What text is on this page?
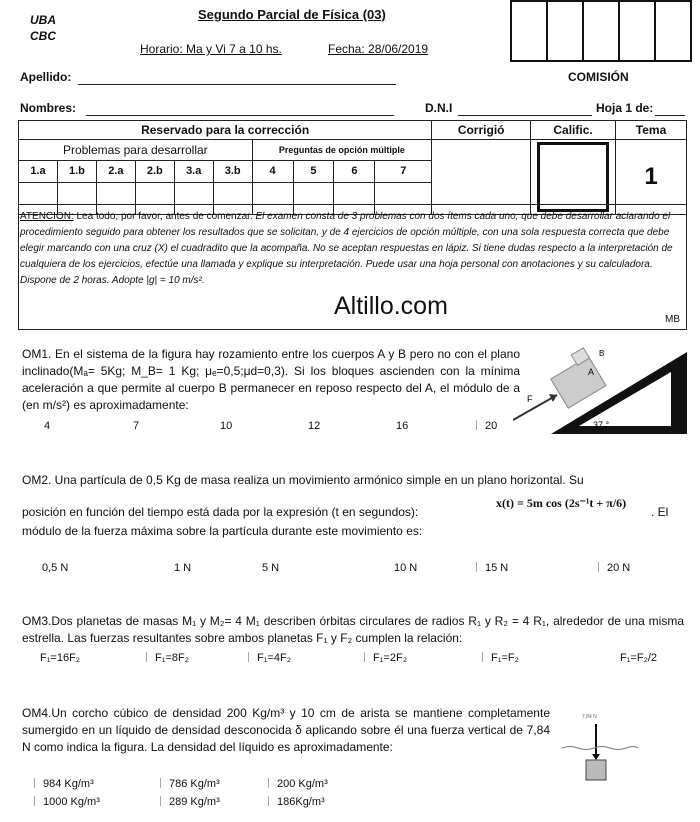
UBA
CBC
Segundo Parcial de Física (03)
Horario: Ma y Vi 7 a 10 hs.	Fecha: 28/06/2019
Apellido:	COMISIÓN
Nombres:	D.N.I	Hoja 1 de:
Reservado para la corrección										Corrigió	Calific.	Tema
Problemas para desarrollar						Preguntas de opción múltiple						1
1.a	1.b	2.a	2.b	3.a	3.b	4	5	6	7			

ATENCION: Lea todo, por favor, antes de comenzar. El examen consta de 3 problemas con dos ítems cada uno, que debe desarrollar aclarando el procedimiento seguido para obtener los resultados que se solicitan, y de 4 ejercicios de opción múltiple, con una sola respuesta correcta que debe elegir marcando con una cruz (X) el cuadradito que la acompaña. No se aceptan respuestas en lápiz. Si tiene dudas respecto a la interpretación de cualquiera de los ejercicios, efectúe una llamada y explique su interpretación. Puede usar una hoja personal con anotaciones y su calculadora. Dispone de 2 horas. Adopte |g| = 10 m/s².
Altillo.com	MB
OM1. En el sistema de la figura hay rozamiento entre los cuerpos A y B pero no con el plano inclinado(Mₐ= 5Kg; M_B= 1 Kg; μₑ=0,5;μd=0,3). Si los bloques ascienden con la mínima aceleración a que permite al cuerpo B permanecer en reposo respecto del A, el módulo de a (en m/s²) es aproximadamente:
4	7	10	12	16	20
F
A
B
37 °
OM2. Una partícula de 0,5 Kg de masa realiza un movimiento armónico simple en un plano horizontal. Su
posición en función del tiempo está dada por la expresión (t en segundos):
x(t) = 5m cos (2s⁻¹t + π/6)
. El
módulo de la fuerza máxima sobre la partícula durante este movimiento es:
0,5 N	1 N	5 N	10 N	15 N	20 N
OM3.Dos planetas de masas M₁ y M₂= 4 M₁ describen órbitas circulares de radios R₁ y R₂ = 4 R₁, alrededor de una misma estrella. Las fuerzas resultantes sobre ambos planetas F₁ y F₂ cumplen la relación:
F₁=16F₂	F₁=8F₂	F₁=4F₂	F₁=2F₂	F₁=F₂	F₁=F₂/2
OM4.Un corcho cúbico de densidad 200 Kg/m³ y 10 cm de arista se mantiene completamente sumergido en un líquido de densidad desconocida δ aplicando sobre él una fuerza vertical de 7,84 N como indica la figura. La densidad del líquido es aproximadamente:
984 Kg/m³	786 Kg/m³	200 Kg/m³
1000 Kg/m³	289 Kg/m³	186Kg/m³
7,84 N
